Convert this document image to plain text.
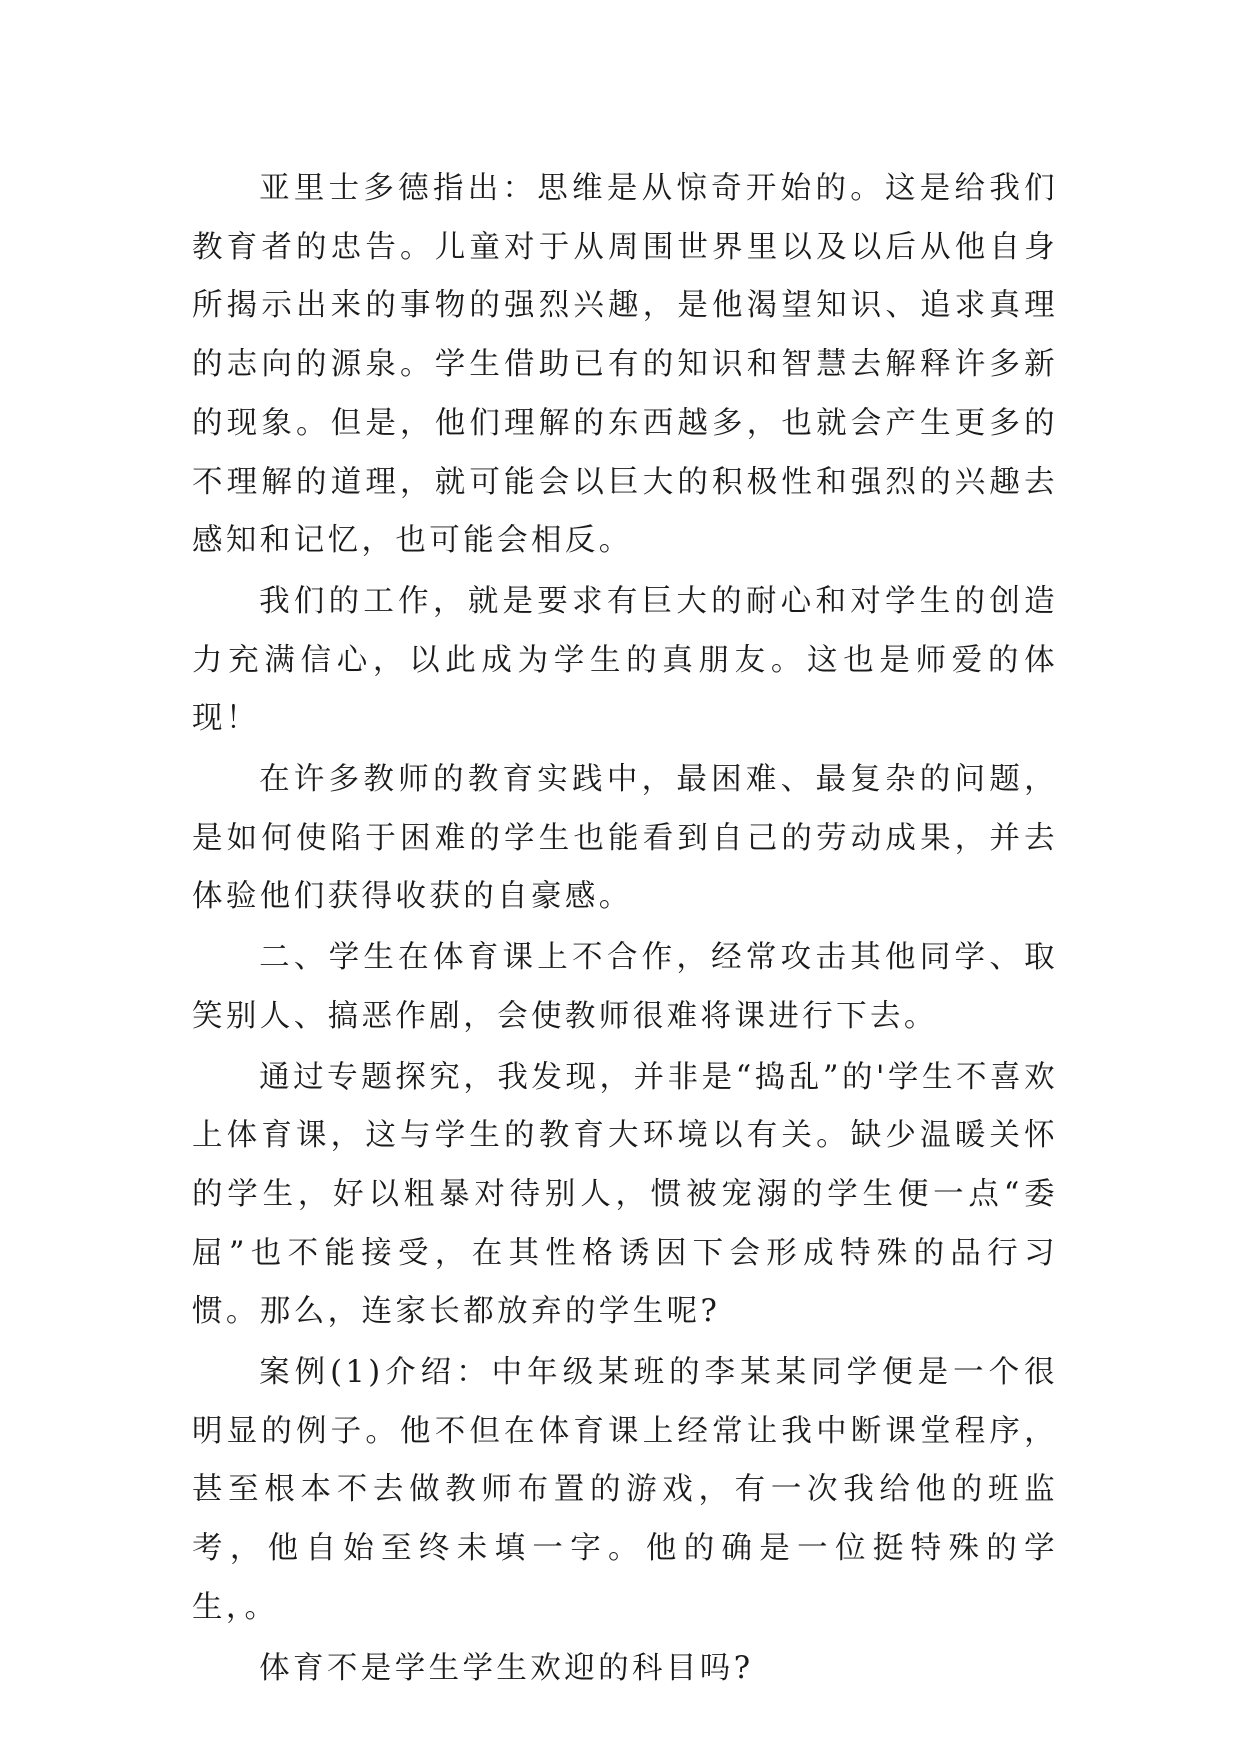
亚里士多德指出：思维是从惊奇开始的。这是给我们教育者的忠告。儿童对于从周围世界里以及以后从他自身所揭示出来的事物的强烈兴趣，是他渴望知识、追求真理的志向的源泉。学生借助已有的知识和智慧去解释许多新的现象。但是，他们理解的东西越多，也就会产生更多的不理解的道理，就可能会以巨大的积极性和强烈的兴趣去感知和记忆，也可能会相反。

我们的工作，就是要求有巨大的耐心和对学生的创造力充满信心，以此成为学生的真朋友。这也是师爱的体现！

在许多教师的教育实践中，最困难、最复杂的问题，是如何使陷于困难的学生也能看到自己的劳动成果，并去体验他们获得收获的自豪感。

二、学生在体育课上不合作，经常攻击其他同学、取笑别人、搞恶作剧，会使教师很难将课进行下去。

通过专题探究，我发现，并非是“捣乱”的'学生不喜欢上体育课，这与学生的教育大环境以有关。缺少温暖关怀的学生，好以粗暴对待别人，惯被宠溺的学生便一点“委屈”也不能接受，在其性格诱因下会形成特殊的品行习惯。那么，连家长都放弃的学生呢?

案例(1)介绍：中年级某班的李某某同学便是一个很明显的例子。他不但在体育课上经常让我中断课堂程序，甚至根本不去做教师布置的游戏，有一次我给他的班监考，他自始至终未填一字。他的确是一位挺特殊的学生，。

体育不是学生学生欢迎的科目吗?
